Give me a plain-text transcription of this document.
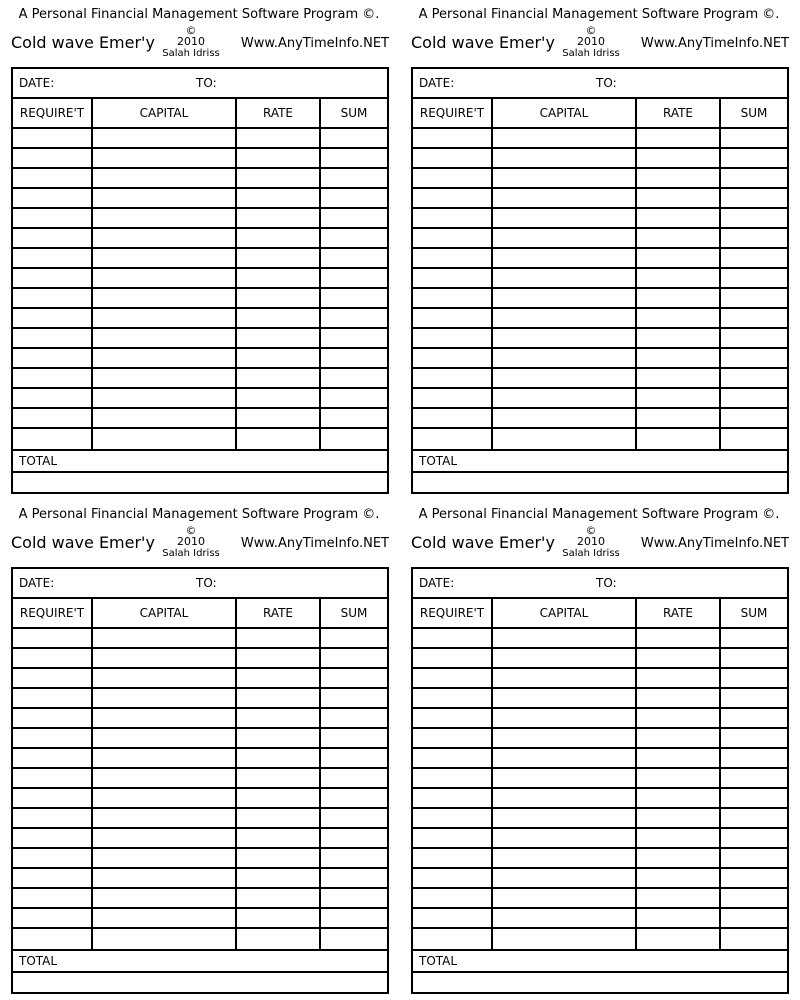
A Personal Financial Management Software Program ©.
Cold wave Emer'y
©
2010
Salah Idriss
Www.AnyTimeInfo.NET
DATE:	TO:
REQUIRE'T	CAPITAL	RATE	SUM
TOTAL
A Personal Financial Management Software Program ©.
Cold wave Emer'y
©
2010
Salah Idriss
Www.AnyTimeInfo.NET
DATE:	TO:
REQUIRE'T	CAPITAL	RATE	SUM
TOTAL
A Personal Financial Management Software Program ©.
Cold wave Emer'y
©
2010
Salah Idriss
Www.AnyTimeInfo.NET
DATE:	TO:
REQUIRE'T	CAPITAL	RATE	SUM
TOTAL
A Personal Financial Management Software Program ©.
Cold wave Emer'y
©
2010
Salah Idriss
Www.AnyTimeInfo.NET
DATE:	TO:
REQUIRE'T	CAPITAL	RATE	SUM
TOTAL
